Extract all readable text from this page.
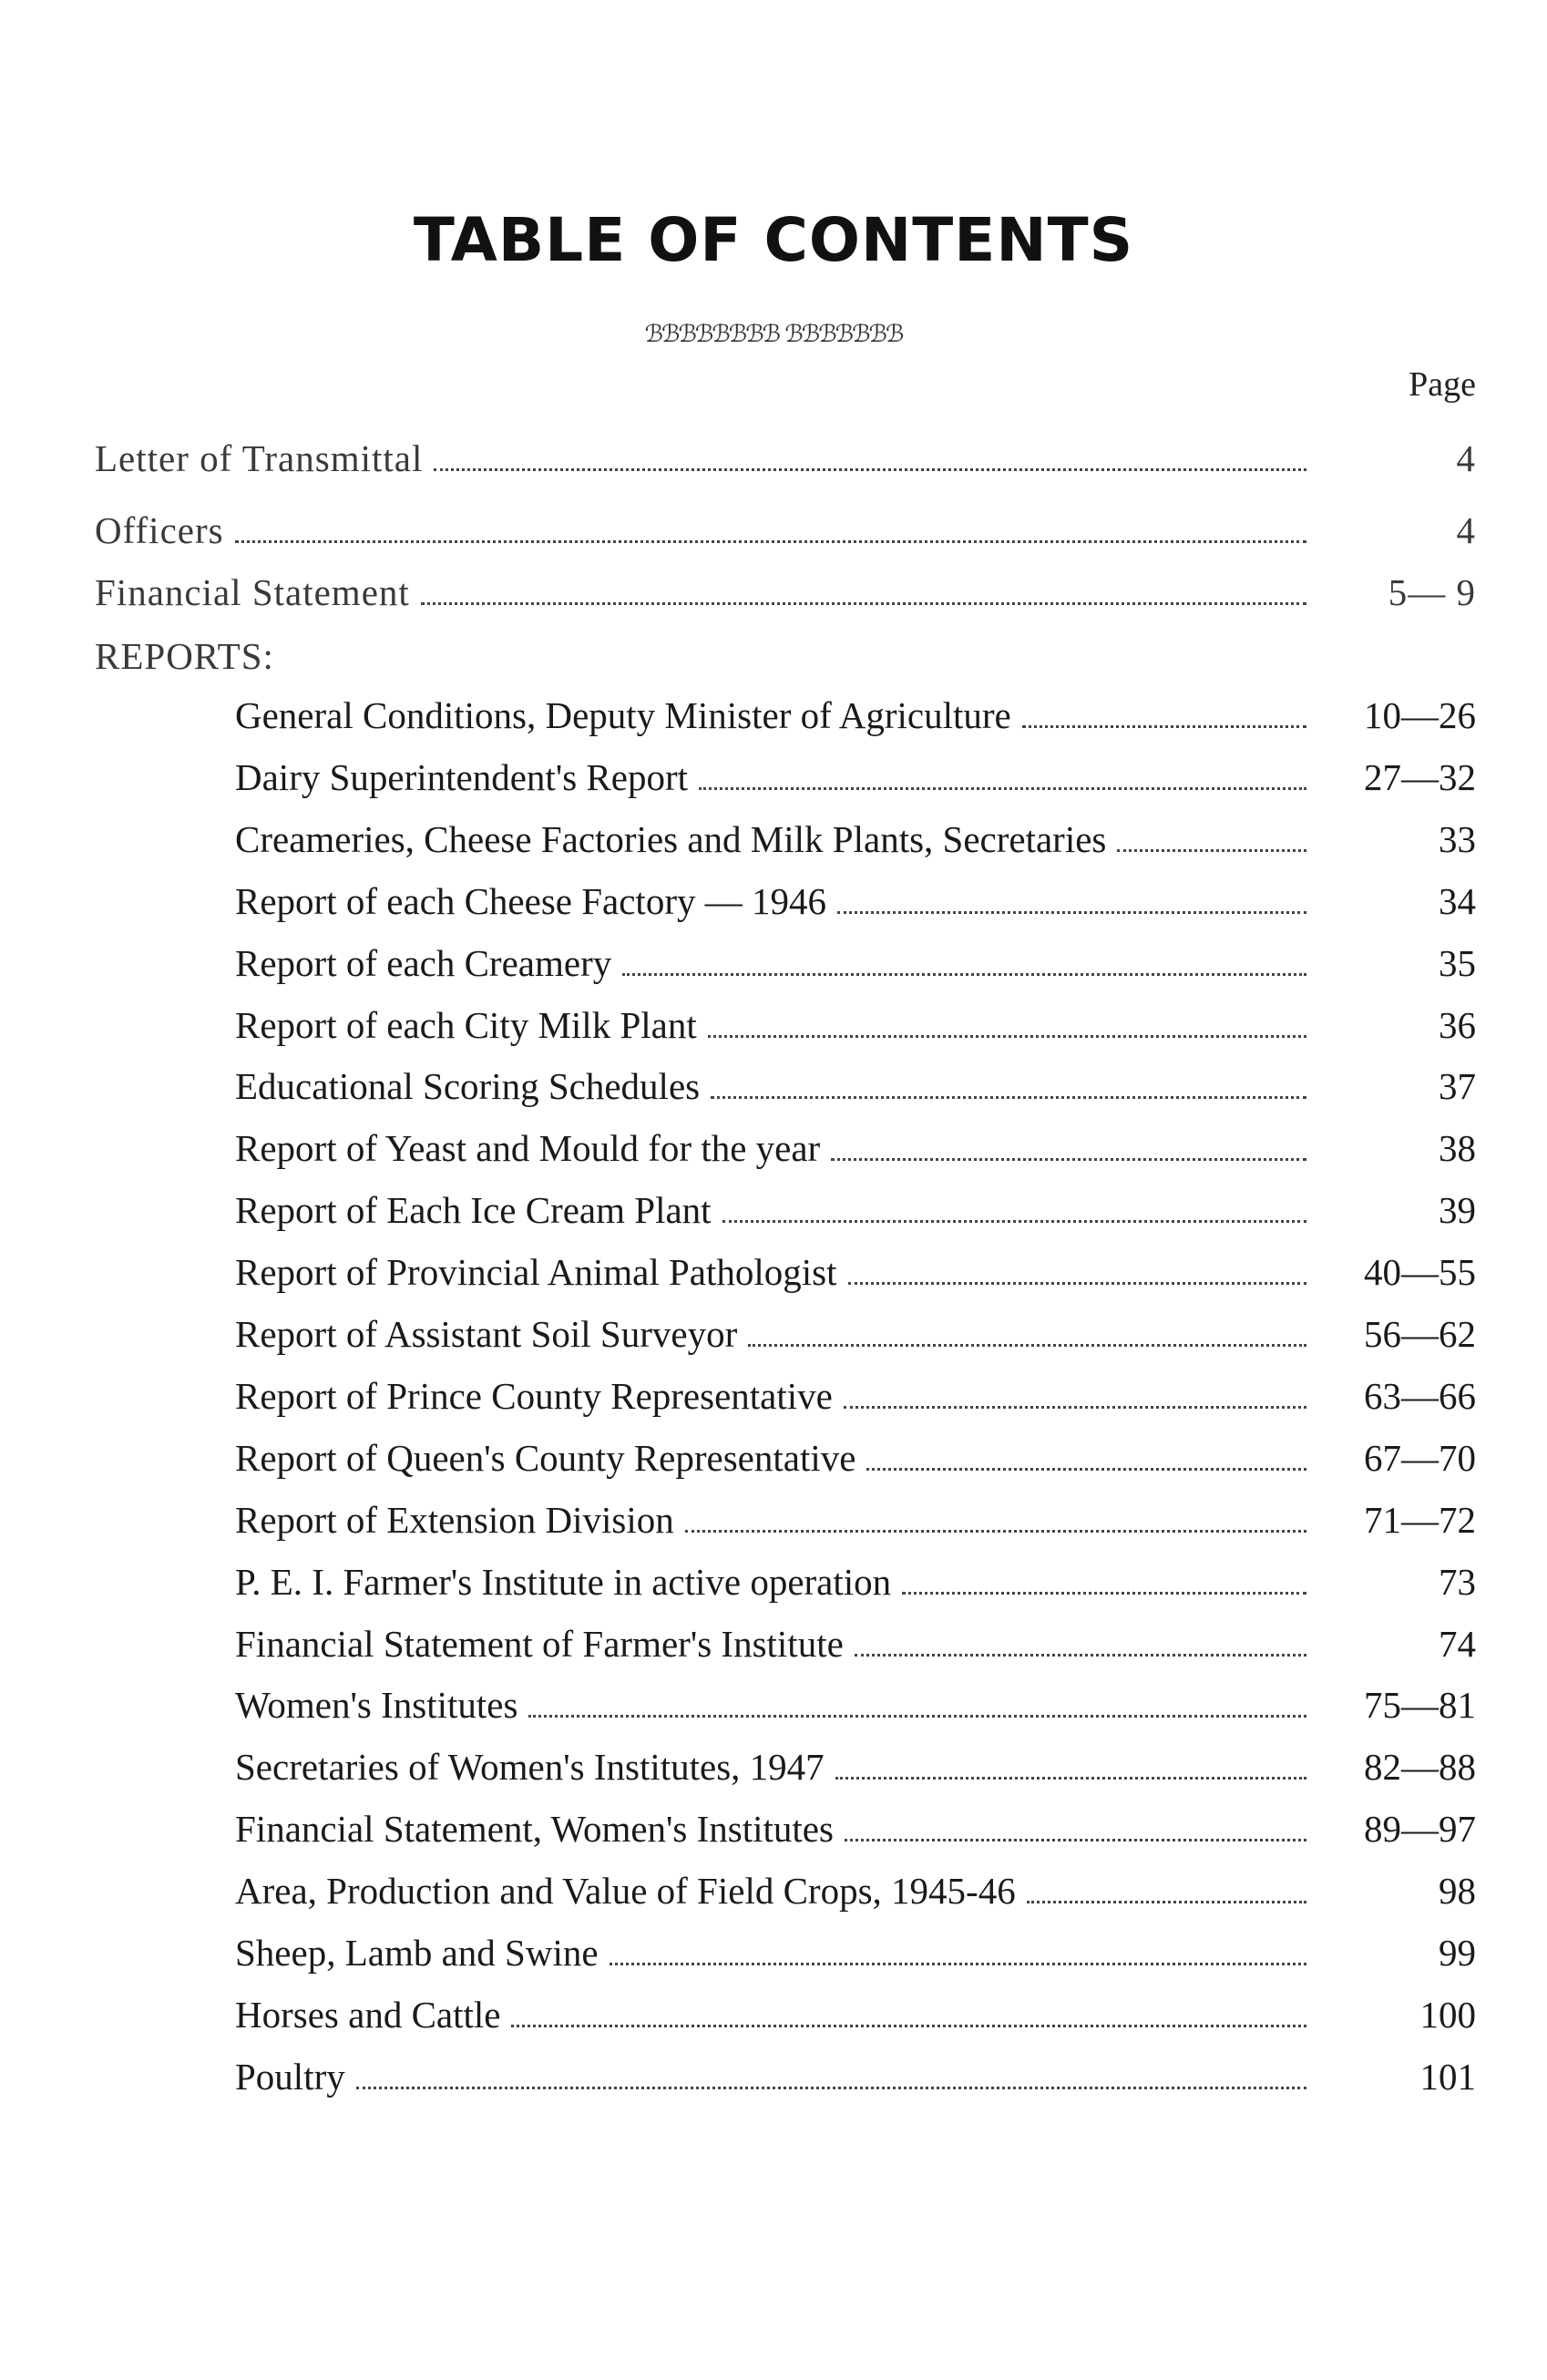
TABLE OF CONTENTS
ℬℬℬℬℬℬℬℬ ℬℬℬℬℬℬℬ
Page
Letter of Transmittal	4
Officers	4
Financial Statement	5— 9
REPORTS:
General Conditions, Deputy Minister of Agriculture	10—26
Dairy Superintendent's Report	27—32
Creameries, Cheese Factories and Milk Plants, Secretaries	33
Report of each Cheese Factory — 1946	34
Report of each Creamery	35
Report of each City Milk Plant	36
Educational Scoring Schedules	37
Report of Yeast and Mould for the year	38
Report of Each Ice Cream Plant	39
Report of Provincial Animal Pathologist	40—55
Report of Assistant Soil Surveyor	56—62
Report of Prince County Representative	63—66
Report of Queen's County Representative	67—70
Report of Extension Division	71—72
P. E. I. Farmer's Institute in active operation	73
Financial Statement of Farmer's Institute	74
Women's Institutes	75—81
Secretaries of Women's Institutes, 1947	82—88
Financial Statement, Women's Institutes	89—97
Area, Production and Value of Field Crops, 1945-46	98
Sheep, Lamb and Swine	99
Horses and Cattle	100
Poultry	101
